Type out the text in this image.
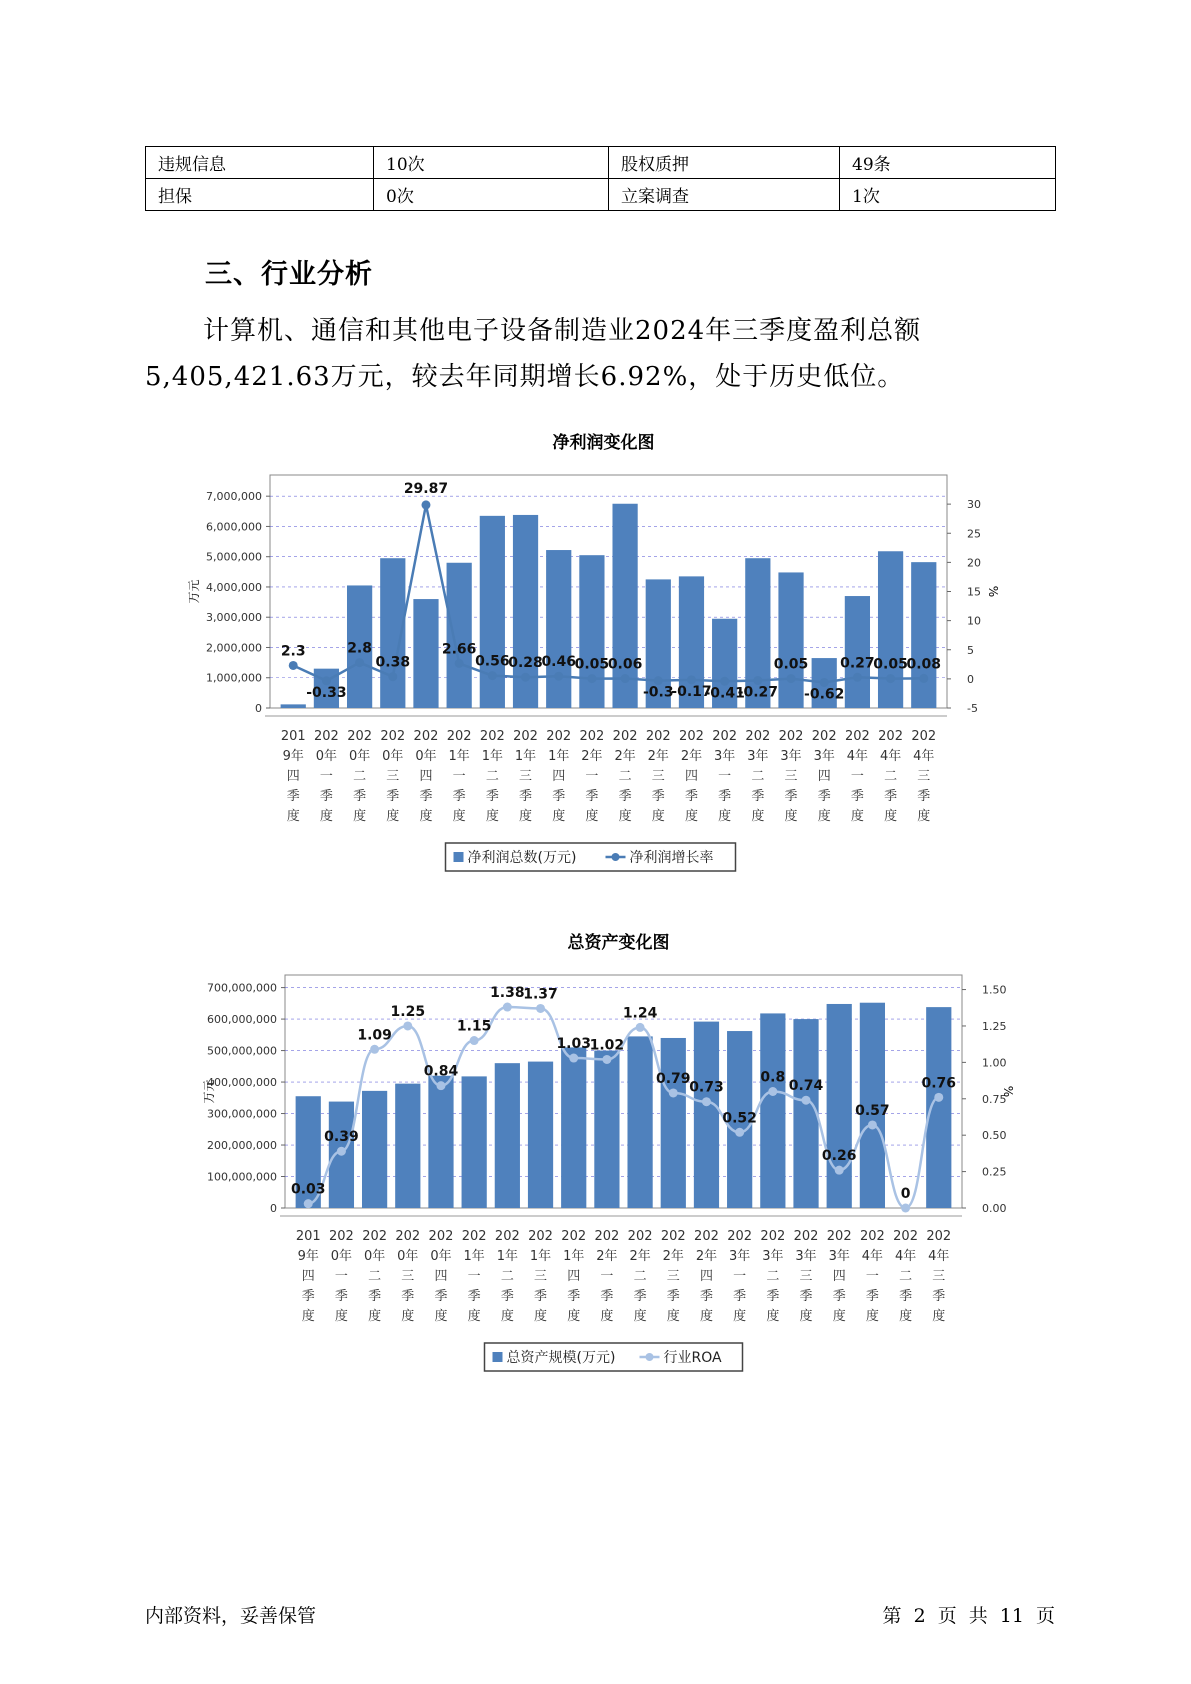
违规信息	10次	股权质押	49条
担保	0次	立案调查	1次
三、行业分析

计算机、通信和其他电子设备制造业2024年三季度盈利总额
5,405,421.63万元，较去年同期增长6.92%，处于历史低位。

净利润变化图
0
1,000,000
2,000,000
3,000,000
4,000,000
5,000,000
6,000,000
7,000,000
-5
0
5
10
15
20
25
30
万元	%
2.3
-0.33
2.8
0.38
29.87
2.66
0.56
0.28
0.46
0.05
0.06
-0.3
-0.17
-0.41
-0.27
0.05
-0.62
0.27
0.05
0.08
201
9年
四
季
度
202
0年
一
季
度
202
0年
二
季
度
202
0年
三
季
度
202
0年
四
季
度
202
1年
一
季
度
202
1年
二
季
度
202
1年
三
季
度
202
1年
四
季
度
202
2年
一
季
度
202
2年
二
季
度
202
2年
三
季
度
202
2年
四
季
度
202
3年
一
季
度
202
3年
二
季
度
202
3年
三
季
度
202
3年
四
季
度
202
4年
一
季
度
202
4年
二
季
度
202
4年
三
季
度
净利润总数(万元)	净利润增长率
总资产变化图
0
100,000,000
200,000,000
300,000,000
400,000,000
500,000,000
600,000,000
700,000,000
0.00
0.25
0.50
0.75
1.00
1.25
1.50
万元	%
0.03
0.39
1.09
1.25
0.84
1.15
1.38
1.37
1.03
1.02
1.24
0.79
0.73
0.52
0.8
0.74
0.26
0.57
0
0.76
201
9年
四
季
度
202
0年
一
季
度
202
0年
二
季
度
202
0年
三
季
度
202
0年
四
季
度
202
1年
一
季
度
202
1年
二
季
度
202
1年
三
季
度
202
1年
四
季
度
202
2年
一
季
度
202
2年
二
季
度
202
2年
三
季
度
202
2年
四
季
度
202
3年
一
季
度
202
3年
二
季
度
202
3年
三
季
度
202
3年
四
季
度
202
4年
一
季
度
202
4年
二
季
度
202
4年
三
季
度
总资产规模(万元)	行业ROA
内部资料，妥善保管	第 2 页 共 11 页
